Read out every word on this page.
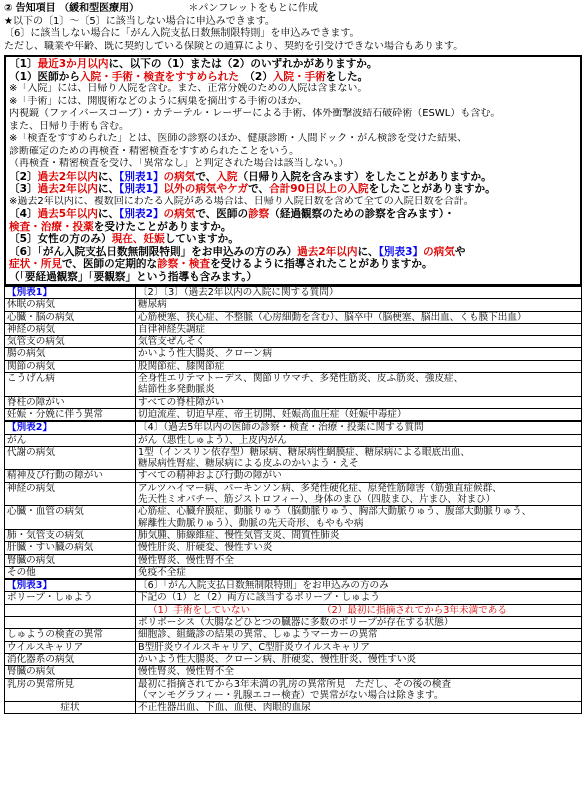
② 告知項目 （緩和型医療用）	＊パンフレットをもとに作成
★以下の〔1〕～〔5〕に該当しない場合に申込みできます。
〔6〕に該当しない場合に「がん入院支払日数無制限特則」を申込みできます。
ただし、職業や年齢、既に契約している保険との通算により、契約を引受けできない場合もあります。
〔1〕最近3か月以内に、以下の（1）または（2）のいずれかがありますか。
（1）医師から入院・手術・検査をすすめられた　 （2）入院・手術をした。
※「入院」には、日帰り入院を含む。また、正常分娩のための入院は含まない。
※「手術」には、開腹術などのように病巣を摘出する手術のほか、
内視鏡（ファイバースコープ）・カテーテル・レーザーによる手術、体外衝撃波結石破砕術（ESWL）も含む。
また、日帰り手術も含む。
※「検査をすすめられた」とは、医師の診察のほか、健康診断・人間ドック・がん検診を受けた結果、
診断確定のための再検査・精密検査をすすめられたことをいう。
（再検査・精密検査を受け、「異常なし」と判定された場合は該当しない。）
〔2〕過去2年以内に、【別表1】の病気で、入院（日帰り入院を含みます）をしたことがありますか。
〔3〕過去2年以内に、【別表1】以外の病気やケガで、合計90日以上の入院をしたことがありますか。
※過去2年以内に、複数回にわたる入院がある場合は、日帰り入院日数を含めて全ての入院日数を合計。
〔4〕過去5年以内に、【別表2】の病気で、医師の診察（経過観察のための診察を含みます）・
検査・治療・投薬を受けたことがありますか。
〔5〕女性の方のみ）現在、妊娠していますか。
〔6〕「がん入院支払日数無制限特則」をお申込みの方のみ）過去2年以内に、【別表3】の病気や
症状・所見で、医師の定期的な診察・検査を受けるように指導されたことがありますか。
（「要経過観察」「要観察」という指導も含みます。）
【別表1】	〔2〕〔3〕（過去2年以内の入院に関する質問）
休眠の病気	糖尿病

心臓・脳の病気	心筋梗塞、狭心症、不整脈（心房細動を含む）、脳卒中（脳梗塞、脳出血、くも膜下出血）

神経の病気	自律神経失調症

気管支の病気	気管支ぜんそく

腸の病気	かいよう性大腸炎、クローン病

関節の病気	股関節症、膝関節症

こうげん病	全身性エリテマトーデス、関節リウマチ、多発性筋炎、皮ふ筋炎、強皮症、
結節性多発動脈炎

脊柱の障がい	すべての脊柱障がい

妊娠・分娩に伴う異常	切迫流産、切迫早産、帝王切開、妊娠高血圧症（妊娠中毒症）
【別表2】	〔4〕（過去5年以内の医師の診察・検査・治療・投薬に関する質問
がん	がん（悪性しゅよう）、上皮内がん

代謝の病気	1型（インスリン依存型）糖尿病、糖尿病性網膜症、糖尿病による眼底出血、
糖尿病性腎症、糖尿病による皮ふのかいよう・えそ

精神及び行動の障がい	すべての精神および行動の障がい

神経の病気	アルツハイマー病、パーキンソン病、多発性硬化症、原発性筋障害（筋強直症候群、
先天性ミオパチー、筋ジストロフィー）、身体のまひ（四肢まひ、片まひ、対まひ）

心臓・血管の病気	心筋症、心臓弁膜症、動脈りゅう（脳動脈りゅう、胸部大動脈りゅう、腹部大動脈りゅう、
解離性大動脈りゅう）、動脈の先天奇形、もやもや病

肺・気管支の病気	肺気腫、肺線維症、慢性気管支炎、間質性肺炎

肝臓・すい臓の病気	慢性肝炎、肝硬変、慢性すい炎

腎臓の病気	慢性腎炎、慢性腎不全

その他	免疫不全症
【別表3】	〔6〕「がん入院支払日数無制限特則」をお申込みの方のみ
ポリープ・しゅよう	下記の（1）と（2）両方に該当するポリープ・しゅよう

	（1）手術をしていない （2）最初に指摘されてから3年未満である

	ポリポーシス（大腸などひとつの臓器に多数のポリープが存在する状態）

しゅようの検査の異常	細胞診、組織診の結果の異常、しゅようマーカーの異常

ウイルスキャリア	B型肝炎ウイルスキャリア、C型肝炎ウイルスキャリア

消化器系の病気	かいよう性大腸炎、クローン病、肝硬変、慢性肝炎、慢性すい炎

腎臓の病気	慢性腎炎、慢性腎不全

乳房の異常所見	最初に指摘されてから3年未満の乳房の異常所見　ただし、その後の検査
（マンモグラフィー・乳腺エコー検査）で異常がない場合は除きます。

症状	不正性器出血、下血、血便、肉眼的血尿
